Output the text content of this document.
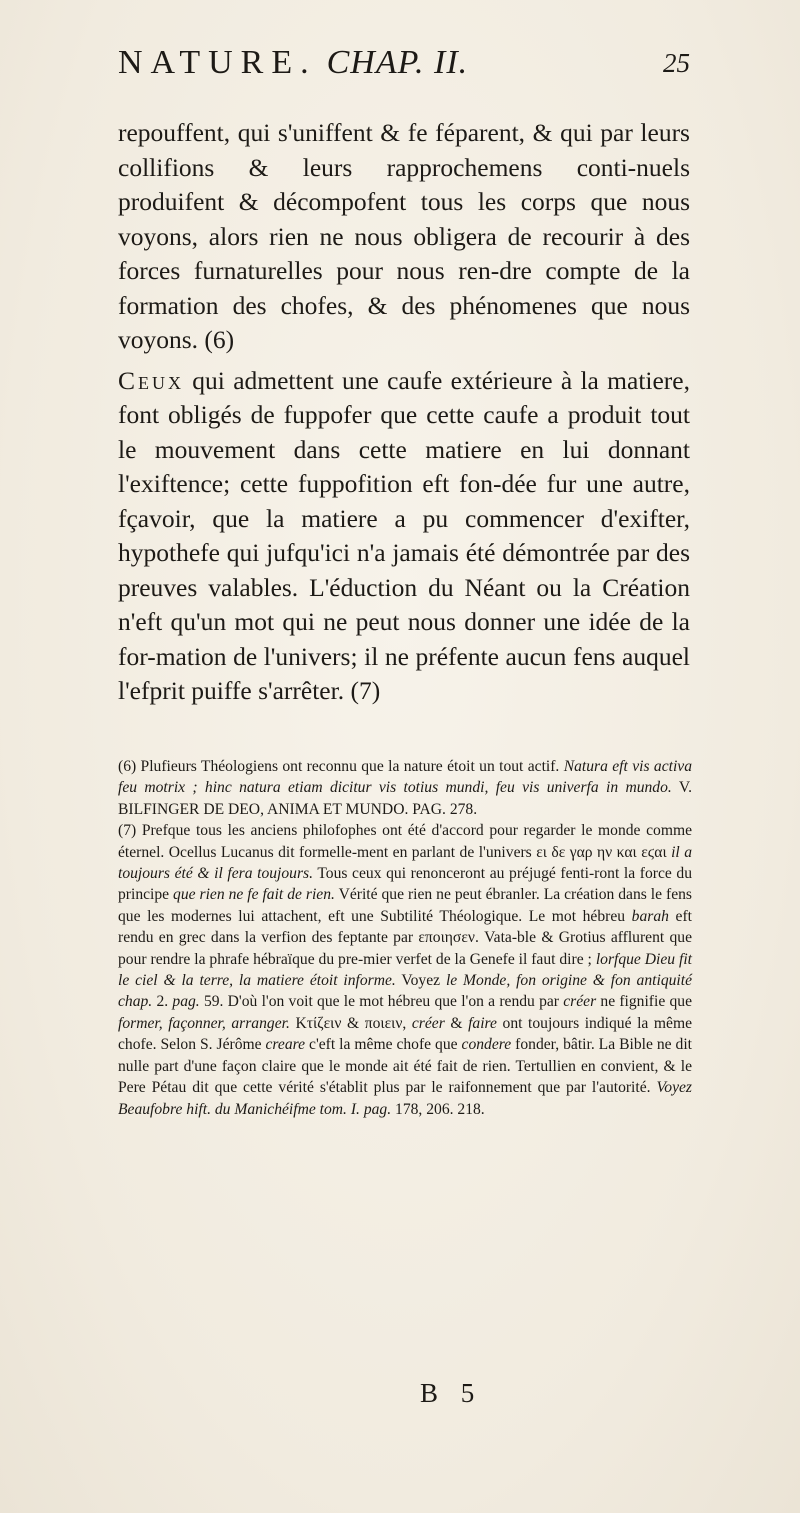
NATURE. CHAP. II.	25

repouffent, qui s'uniffent & fe féparent, & qui par leurs collifions & leurs rapprochemens conti-nuels produifent & décompofent tous les corps que nous voyons, alors rien ne nous obligera de recourir à des forces furnaturelles pour nous ren-dre compte de la formation des chofes, & des phénomenes que nous voyons. (6)

Ceux qui admettent une caufe extérieure à la matiere, font obligés de fuppofer que cette caufe a produit tout le mouvement dans cette matiere en lui donnant l'exiftence; cette fuppofition eft fon-dée fur une autre, fçavoir, que la matiere a pu commencer d'exifter, hypothefe qui jufqu'ici n'a jamais été démontrée par des preuves valables. L'éduction du Néant ou la Création n'eft qu'un mot qui ne peut nous donner une idée de la for-mation de l'univers; il ne préfente aucun fens auquel l'efprit puiffe s'arrêter. (7)

(6) Plufieurs Théologiens ont reconnu que la nature étoit un tout actif. Natura eft vis activa feu motrix ; hinc natura etiam dicitur vis totius mundi, feu vis univerfa in mundo. V. BILFINGER DE DEO, ANIMA ET MUNDO. PAG. 278.

(7) Prefque tous les anciens philofophes ont été d'accord pour regarder le monde comme éternel. Ocellus Lucanus dit formelle-ment en parlant de l'univers ει δε γαρ ην και εϛαι il a toujours été & il fera toujours. Tous ceux qui renonceront au préjugé fenti-ront la force du principe que rien ne fe fait de rien. Vérité que rien ne peut ébranler. La création dans le fens que les modernes lui attachent, eft une Subtilité Théologique. Le mot hébreu barah eft rendu en grec dans la verfion des feptante par εποιησεν. Vata-ble & Grotius afflurent que pour rendre la phrafe hébraïque du pre-mier verfet de la Genefe il faut dire ; lorfque Dieu fit le ciel & la terre, la matiere étoit informe. Voyez le Monde, fon origine & fon antiquité chap. 2. pag. 59. D'où l'on voit que le mot hébreu que l'on a rendu par créer ne fignifie que former, façonner, arranger. Κτίζειν & ποιειν, créer & faire ont toujours indiqué la même chofe. Selon S. Jérôme creare c'eft la même chofe que condere fonder, bâtir. La Bible ne dit nulle part d'une façon claire que le monde ait été fait de rien. Tertullien en convient, & le Pere Pétau dit que cette vérité s'établit plus par le raifonnement que par l'autorité. Voyez Beaufobre hift. du Manichéifme tom. I. pag. 178, 206. 218.

B 5
